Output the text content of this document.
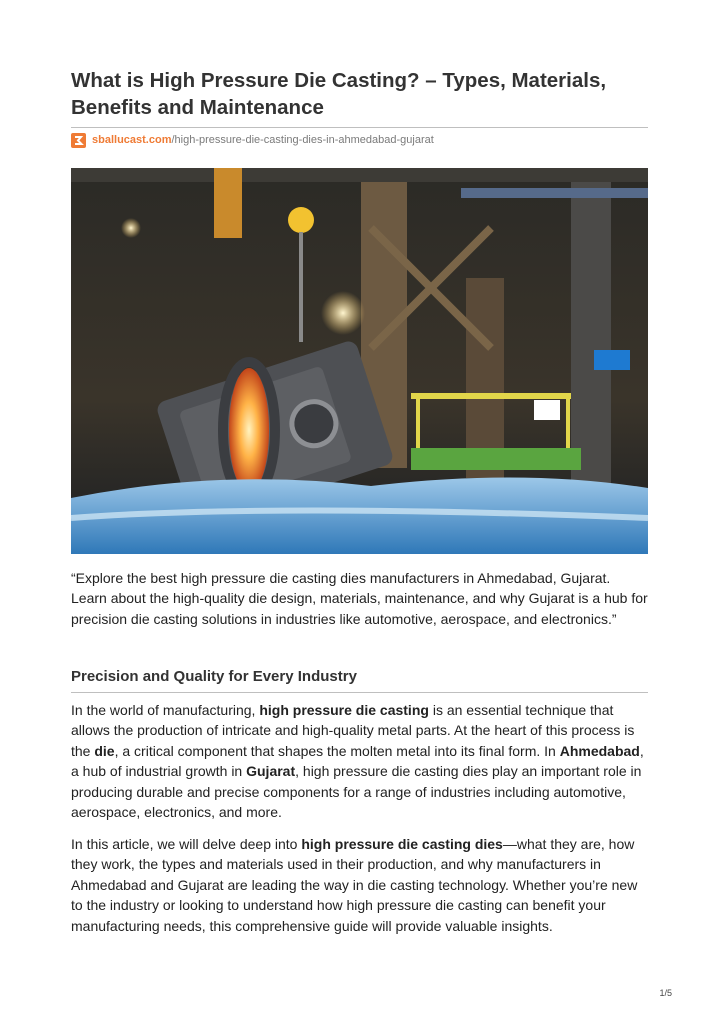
What is High Pressure Die Casting? – Types, Materials, Benefits and Maintenance
sballucast.com /high-pressure-die-casting-dies-in-ahmedabad-gujarat

“Explore the best high pressure die casting dies manufacturers in Ahmedabad, Gujarat. Learn about the high-quality die design, materials, maintenance, and why Gujarat is a hub for precision die casting solutions in industries like automotive, aerospace, and electronics.”

Precision and Quality for Every Industry

In the world of manufacturing, high pressure die casting is an essential technique that allows the production of intricate and high-quality metal parts. At the heart of this process is the die, a critical component that shapes the molten metal into its final form. In Ahmedabad, a hub of industrial growth in Gujarat, high pressure die casting dies play an important role in producing durable and precise components for a range of industries including automotive, aerospace, electronics, and more.

In this article, we will delve deep into high pressure die casting dies—what they are, how they work, the types and materials used in their production, and why manufacturers in Ahmedabad and Gujarat are leading the way in die casting technology. Whether you’re new to the industry or looking to understand how high pressure die casting can benefit your manufacturing needs, this comprehensive guide will provide valuable insights.

1/5
